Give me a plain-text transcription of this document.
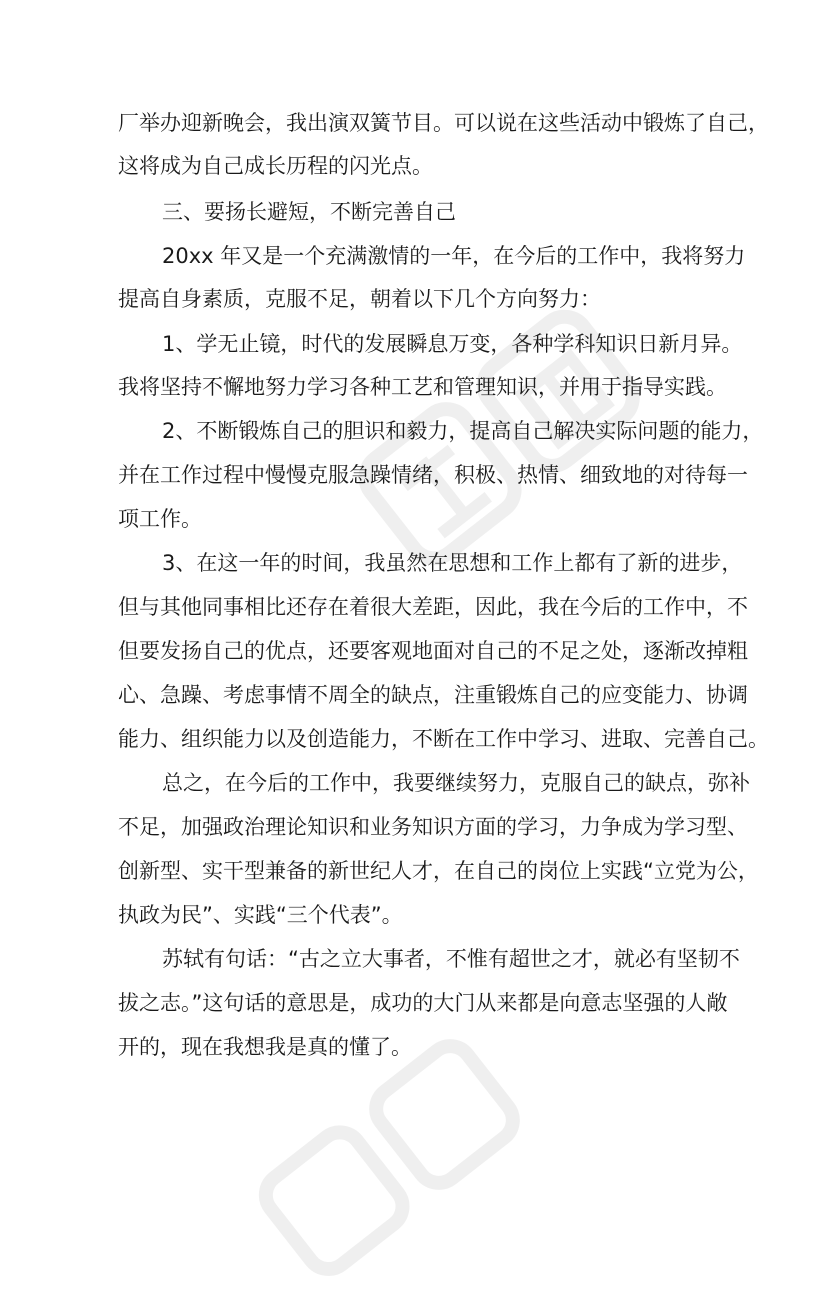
厂举办迎新晚会，我出演双簧节目。可以说在这些活动中锻炼了自己，
这将成为自己成长历程的闪光点。
三、要扬长避短，不断完善自己
20xx 年又是一个充满激情的一年，在今后的工作中，我将努力
提高自身素质，克服不足，朝着以下几个方向努力：
1、学无止镜，时代的发展瞬息万变，各种学科知识日新月异。
我将坚持不懈地努力学习各种工艺和管理知识，并用于指导实践。
2、不断锻炼自己的胆识和毅力，提高自己解决实际问题的能力，
并在工作过程中慢慢克服急躁情绪，积极、热情、细致地的对待每一
项工作。
3、在这一年的时间，我虽然在思想和工作上都有了新的进步，
但与其他同事相比还存在着很大差距，因此，我在今后的工作中，不
但要发扬自己的优点，还要客观地面对自己的不足之处，逐渐改掉粗
心、急躁、考虑事情不周全的缺点，注重锻炼自己的应变能力、协调
能力、组织能力以及创造能力，不断在工作中学习、进取、完善自己。
总之，在今后的工作中，我要继续努力，克服自己的缺点，弥补
不足，加强政治理论知识和业务知识方面的学习，力争成为学习型、
创新型、实干型兼备的新世纪人才，在自己的岗位上实践“立党为公，
执政为民”、实践“三个代表”。
苏轼有句话：“古之立大事者，不惟有超世之才，就必有坚韧不
拔之志。”这句话的意思是，成功的大门从来都是向意志坚强的人敞
开的，现在我想我是真的懂了。
